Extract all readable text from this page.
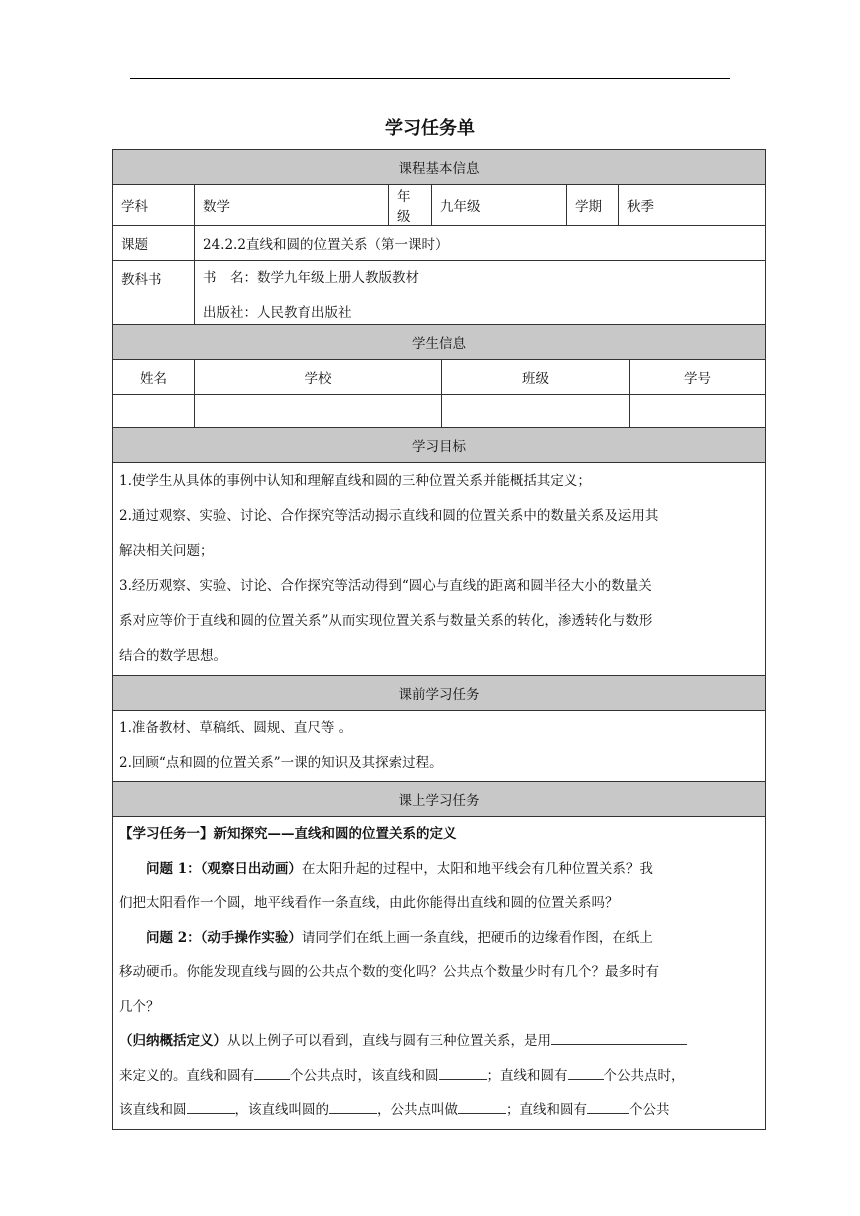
学习任务单
课程基本信息					
学科	数学	年级	九年级	学期	秋季
课题	24.2.2直线和圆的位置关系（第一课时）				
教科书	书　名：数学九年级上册人教版教材

出版社：人民教育出版社				

学生信息			
姓名	学校	班级	学号

学习目标

1.使学生从具体的事例中认知和理解直线和圆的三种位置关系并能概括其定义；

2.通过观察、实验、讨论、合作探究等活动揭示直线和圆的位置关系中的数量关系及运用其

解决相关问题；

3.经历观察、实验、讨论、合作探究等活动得到“圆心与直线的距离和圆半径大小的数量关

系对应等价于直线和圆的位置关系”从而实现位置关系与数量关系的转化，渗透转化与数形

结合的数学思想。

课前学习任务

1.准备教材、草稿纸、圆规、直尺等 。

2.回顾“点和圆的位置关系”一课的知识及其探索过程。

课上学习任务

【学习任务一】新知探究——直线和圆的位置关系的定义

问题 1：（观察日出动画）在太阳升起的过程中，太阳和地平线会有几种位置关系？我

们把太阳看作一个圆，地平线看作一条直线，由此你能得出直线和圆的位置关系吗？

问题 2：（动手操作实验）请同学们在纸上画一条直线，把硬币的边缘看作图，在纸上

移动硬币。你能发现直线与圆的公共点个数的变化吗？公共点个数量少时有几个？最多时有

几个？

（归纳概括定义）从以上例子可以看到，直线与圆有三种位置关系，是用

来定义的。直线和圆有	个公共点时，该直线和圆	；直线和圆有	个公共点时，

该直线和圆	，该直线叫圆的	，公共点叫做	；直线和圆有	个公共
